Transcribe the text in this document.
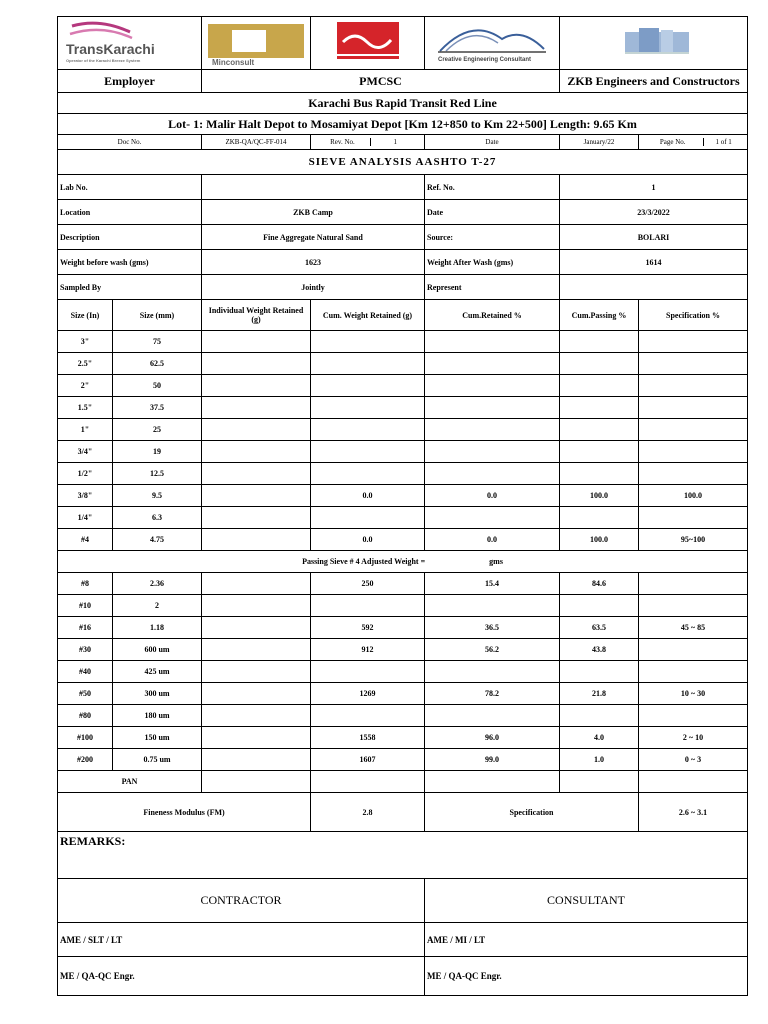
TransKarachi
Operator of the Karachi Breeze System		Minconsult		Creative Engineering Consultant

Employer		PMCSC			ZKB Engineers and Constructors	
Karachi Bus Rapid Transit Red Line						
Lot- 1: Malir Halt Depot to Mosamiyat Depot [Km 12+850 to Km 22+500] Length: 9.65 Km						
Doc No.		ZKB-QA/QC-FF-014	Rev. No. 1	Date	January/22	Page No. 1 of 1
SIEVE ANALYSIS AASHTO T-27						
Lab No.				Ref. No.	1	
Location		ZKB Camp		Date	23/3/2022	
Description		Fine Aggregate Natural Sand		Source:	BOLARI	
Weight before wash (gms)		1623		Weight After Wash (gms)	1614	
Sampled By		Jointly		Represent		
Size (In)	Size (mm)	Individual Weight Retained (g)	Cum. Weight Retained (g)	Cum.Retained %	Cum.Passing %	Specification %
3"	75					
2.5"	62.5					
2"	50					
1.5"	37.5					
1"	25					
3/4"	19					
1/2"	12.5					
3/8"	9.5		0.0	0.0	100.0	100.0
1/4"	6.3					
#4	4.75		0.0	0.0	100.0	95~100
Passing Sieve # 4 Adjusted Weight = gms						
#8	2.36		250	15.4	84.6	
#10	2					
#16	1.18		592	36.5	63.5	45 ~ 85
#30	600 um		912	56.2	43.8	
#40	425 um					
#50	300 um		1269	78.2	21.8	10 ~ 30
#80	180 um					
#100	150 um		1558	96.0	4.0	2 ~ 10
#200	0.75 um		1607	99.0	1.0	0 ~ 3
PAN						
Fineness Modulus (FM)			2.8	Specification		2.6 ~ 3.1
REMARKS:						
CONTRACTOR				CONSULTANT		
AME / SLT / LT				AME / MI / LT		
ME / QA-QC Engr.				ME / QA-QC Engr.		
